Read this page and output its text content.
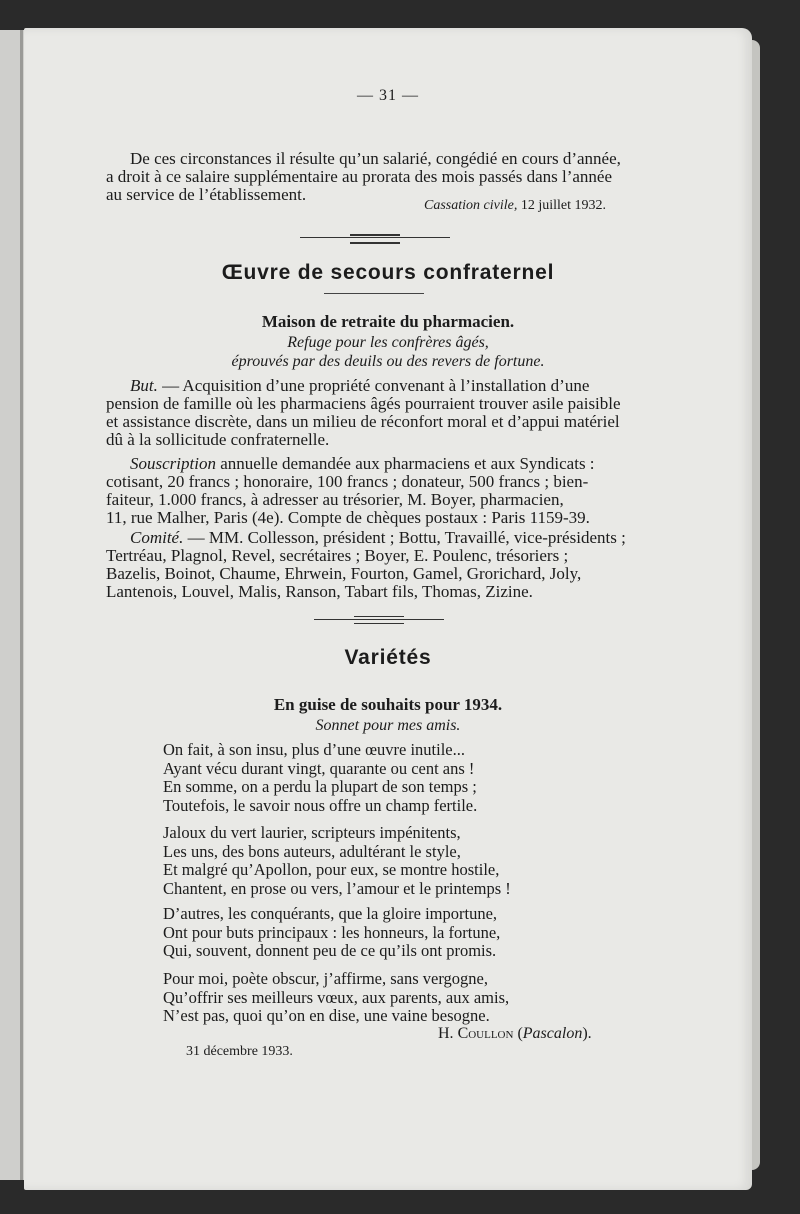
— 31 —
De ces circonstances il résulte qu’un salarié, congédié en cours d’année,
a droit à ce salaire supplémentaire au prorata des mois passés dans l’année
au service de l’établissement.
Cassation civile, 12 juillet 1932.
Œuvre de secours confraternel
Maison de retraite du pharmacien.
Refuge pour les confrères âgés,
éprouvés par des deuils ou des revers de fortune.
But. — Acquisition d’une propriété convenant à l’installation d’une
pension de famille où les pharmaciens âgés pourraient trouver asile paisible
et assistance discrète, dans un milieu de réconfort moral et d’appui matériel
dû à la sollicitude confraternelle.
Souscription annuelle demandée aux pharmaciens et aux Syndicats :
cotisant, 20 francs ; honoraire, 100 francs ; donateur, 500 francs ; bien-
faiteur, 1.000 francs, à adresser au trésorier, M. Boyer, pharmacien,
11, rue Malher, Paris (4e). Compte de chèques postaux : Paris 1159-39.
Comité. — MM. Collesson, président ; Bottu, Travaillé, vice-présidents ;
Tertréau, Plagnol, Revel, secrétaires ; Boyer, E. Poulenc, trésoriers ;
Bazelis, Boinot, Chaume, Ehrwein, Fourton, Gamel, Grorichard, Joly,
Lantenois, Louvel, Malis, Ranson, Tabart fils, Thomas, Zizine.
Variétés
En guise de souhaits pour 1934.
Sonnet pour mes amis.
On fait, à son insu, plus d’une œuvre inutile...
Ayant vécu durant vingt, quarante ou cent ans !
En somme, on a perdu la plupart de son temps ;
Toutefois, le savoir nous offre un champ fertile.
Jaloux du vert laurier, scripteurs impénitents,
Les uns, des bons auteurs, adultérant le style,
Et malgré qu’Apollon, pour eux, se montre hostile,
Chantent, en prose ou vers, l’amour et le printemps !
D’autres, les conquérants, que la gloire importune,
Ont pour buts principaux : les honneurs, la fortune,
Qui, souvent, donnent peu de ce qu’ils ont promis.
Pour moi, poète obscur, j’affirme, sans vergogne,
Qu’offrir ses meilleurs vœux, aux parents, aux amis,
N’est pas, quoi qu’on en dise, une vaine besogne.
H. Coullon (Pascalon).
31 décembre 1933.
